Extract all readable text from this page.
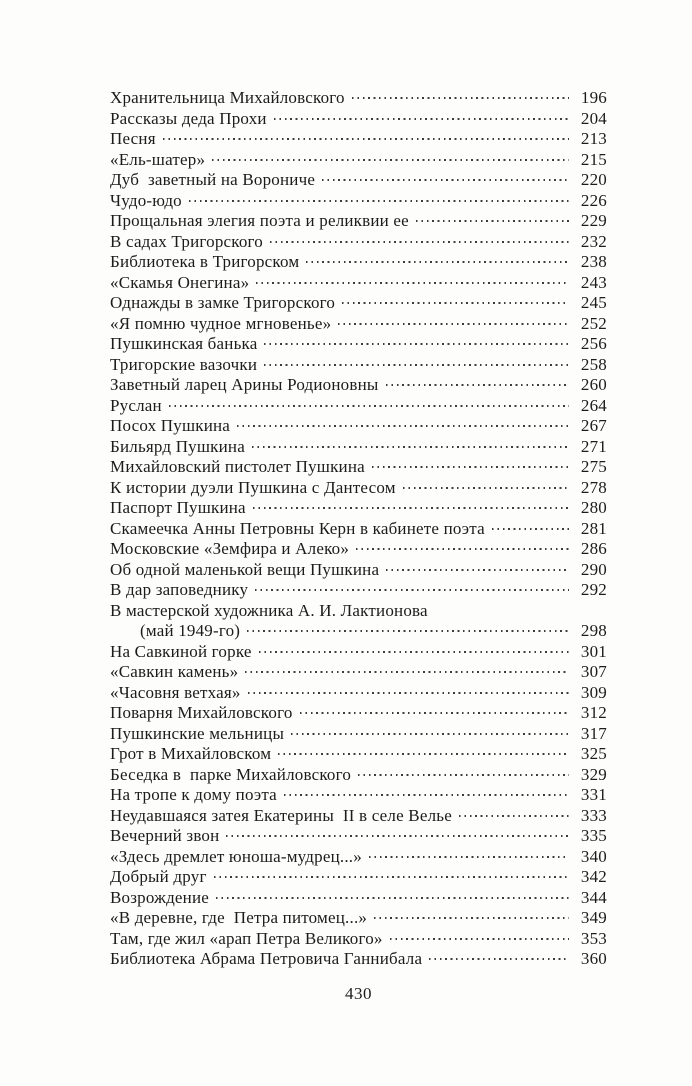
Хранительница Михайловского	196
Рассказы деда Прохи	204
Песня	213
«Ель-шатер»	215
Дуб  заветный на Ворониче	220
Чудо-юдо	226
Прощальная элегия поэта и реликвии ее	229
В садах Тригорского	232
Библиотека в Тригорском	238
«Скамья Онегина»	243
Однажды в замке Тригорского	245
«Я помню чудное мгновенье»	252
Пушкинская банька	256
Тригорские вазочки	258
Заветный ларец Арины Родионовны	260
Руслан	264
Посох Пушкина	267
Бильярд Пушкина	271
Михайловский пистолет Пушкина	275
К истории дуэли Пушкина с Дантесом	278
Паспорт Пушкина	280
Скамеечка Анны Петровны Керн в кабинете поэта	281
Московские «Земфира и Алеко»	286
Об одной маленькой вещи Пушкина	290
В дар заповеднику	292
В мастерской художника А. И. Лактионова
(май 1949-го)	298
На Савкиной горке	301
«Савкин камень»	307
«Часовня ветхая»	309
Поварня Михайловского	312
Пушкинские мельницы	317
Грот в Михайловском	325
Беседка в  парке Михайловского	329
На тропе к дому поэта	331
Неудавшаяся затея Екатерины  II в селе Велье	333
Вечерний звон	335
«Здесь дремлет юноша-мудрец...»	340
Добрый друг	342
Возрождение	344
«В деревне, где  Петра питомец...»	349
Там, где жил «арап Петра Великого»	353
Библиотека Абрама Петровича Ганнибала	360
430
